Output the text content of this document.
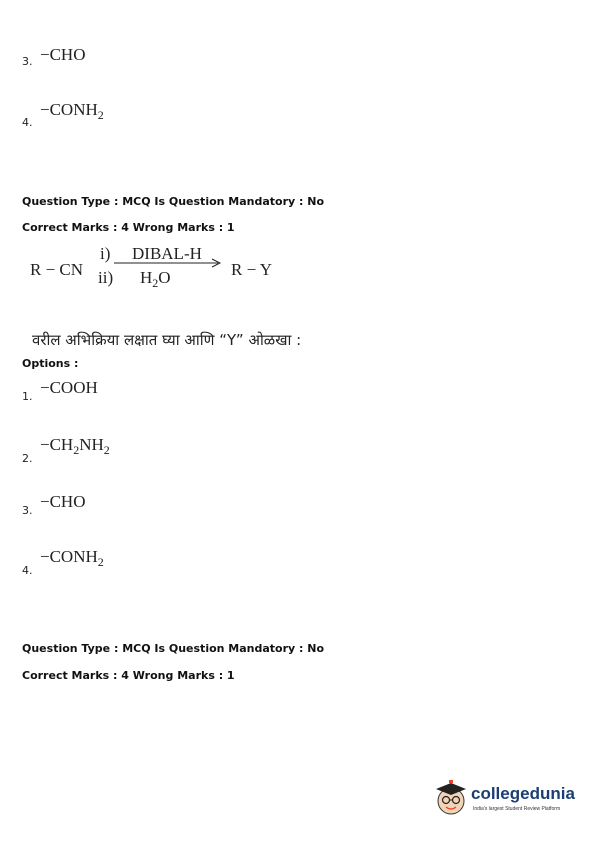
3. −CHO
4.
$-CONH_2$
Question Type : MCQ Is Question Mandatory : No
Correct Marks : 4 Wrong Marks : 1
R − CN
i) DIBAL-H
ii) $H_2O$	R − Y
वरील अभिक्रिया लक्षात घ्या आणि “Y” ओळखा :
Options :
1. −COOH
2.
$-CH_2NH_2$
3. −CHO
4.
$-CONH_2$
Question Type : MCQ Is Question Mandatory : No
Correct Marks : 4 Wrong Marks : 1
collegedunia
India's largest Student Review Platform
